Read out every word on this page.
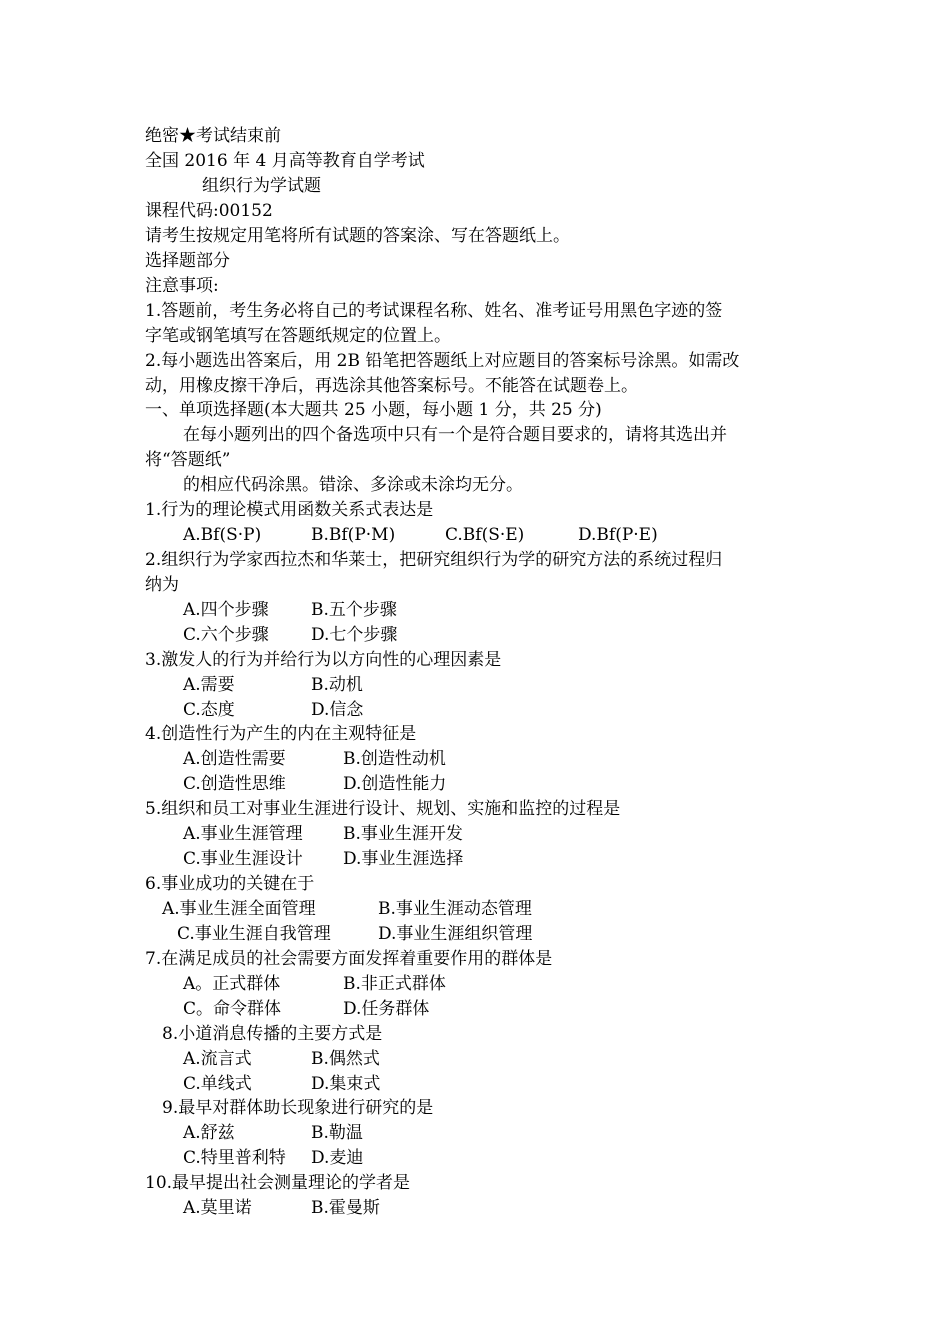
绝密★考试结束前
全国 2016 年 4 月高等教育自学考试
组织行为学试题
课程代码:00152
请考生按规定用笔将所有试题的答案涂、写在答题纸上。
选择题部分
注意事项:
1.答题前，考生务必将自己的考试课程名称、姓名、准考证号用黑色字迹的签
字笔或钢笔填写在答题纸规定的位置上。
2.每小题选出答案后，用 2B 铅笔把答题纸上对应题目的答案标号涂黑。如需改
动，用橡皮擦干净后，再选涂其他答案标号。不能答在试题卷上。
一、单项选择题(本大题共 25 小题，每小题 1 分，共 25 分)
在每小题列出的四个备选项中只有一个是符合题目要求的，请将其选出并
将“答题纸”
的相应代码涂黑。错涂、多涂或未涂均无分。
1.行为的理论模式用函数关系式表达是

A.Bf(S·P)

	B.Bf(P·M)

	C.Bf(S·E)

	D.Bf(P·E)

2.组织行为学家西拉杰和华莱士，把研究组织行为学的研究方法的系统过程归
纳为

A.四个步骤

B.五个步骤

C.六个步骤

D.七个步骤

3.激发人的行为并给行为以方向性的心理因素是

A.需要

	B.动机

C.态度

	D.信念

4.创造性行为产生的内在主观特征是

A.创造性需要

	B.创造性动机

C.创造性思维

	D.创造性能力

5.组织和员工对事业生涯进行设计、规划、实施和监控的过程是

A.事业生涯管理

B.事业生涯开发

C.事业生涯设计

D.事业生涯选择

6.事业成功的关键在于

A.事业生涯全面管理

	B.事业生涯动态管理

C.事业生涯自我管理

	D.事业生涯组织管理

7.在满足成员的社会需要方面发挥着重要作用的群体是

A。正式群体

	B.非正式群体

C。命令群体

	D.任务群体

8.小道消息传播的主要方式是

A.流言式

	B.偶然式

C.单线式

	D.集束式

9.最早对群体助长现象进行研究的是

A.舒兹

	B.勒温

C.特里普利特

D.麦迪

10.最早提出社会测量理论的学者是

A.莫里诺

	B.霍曼斯
